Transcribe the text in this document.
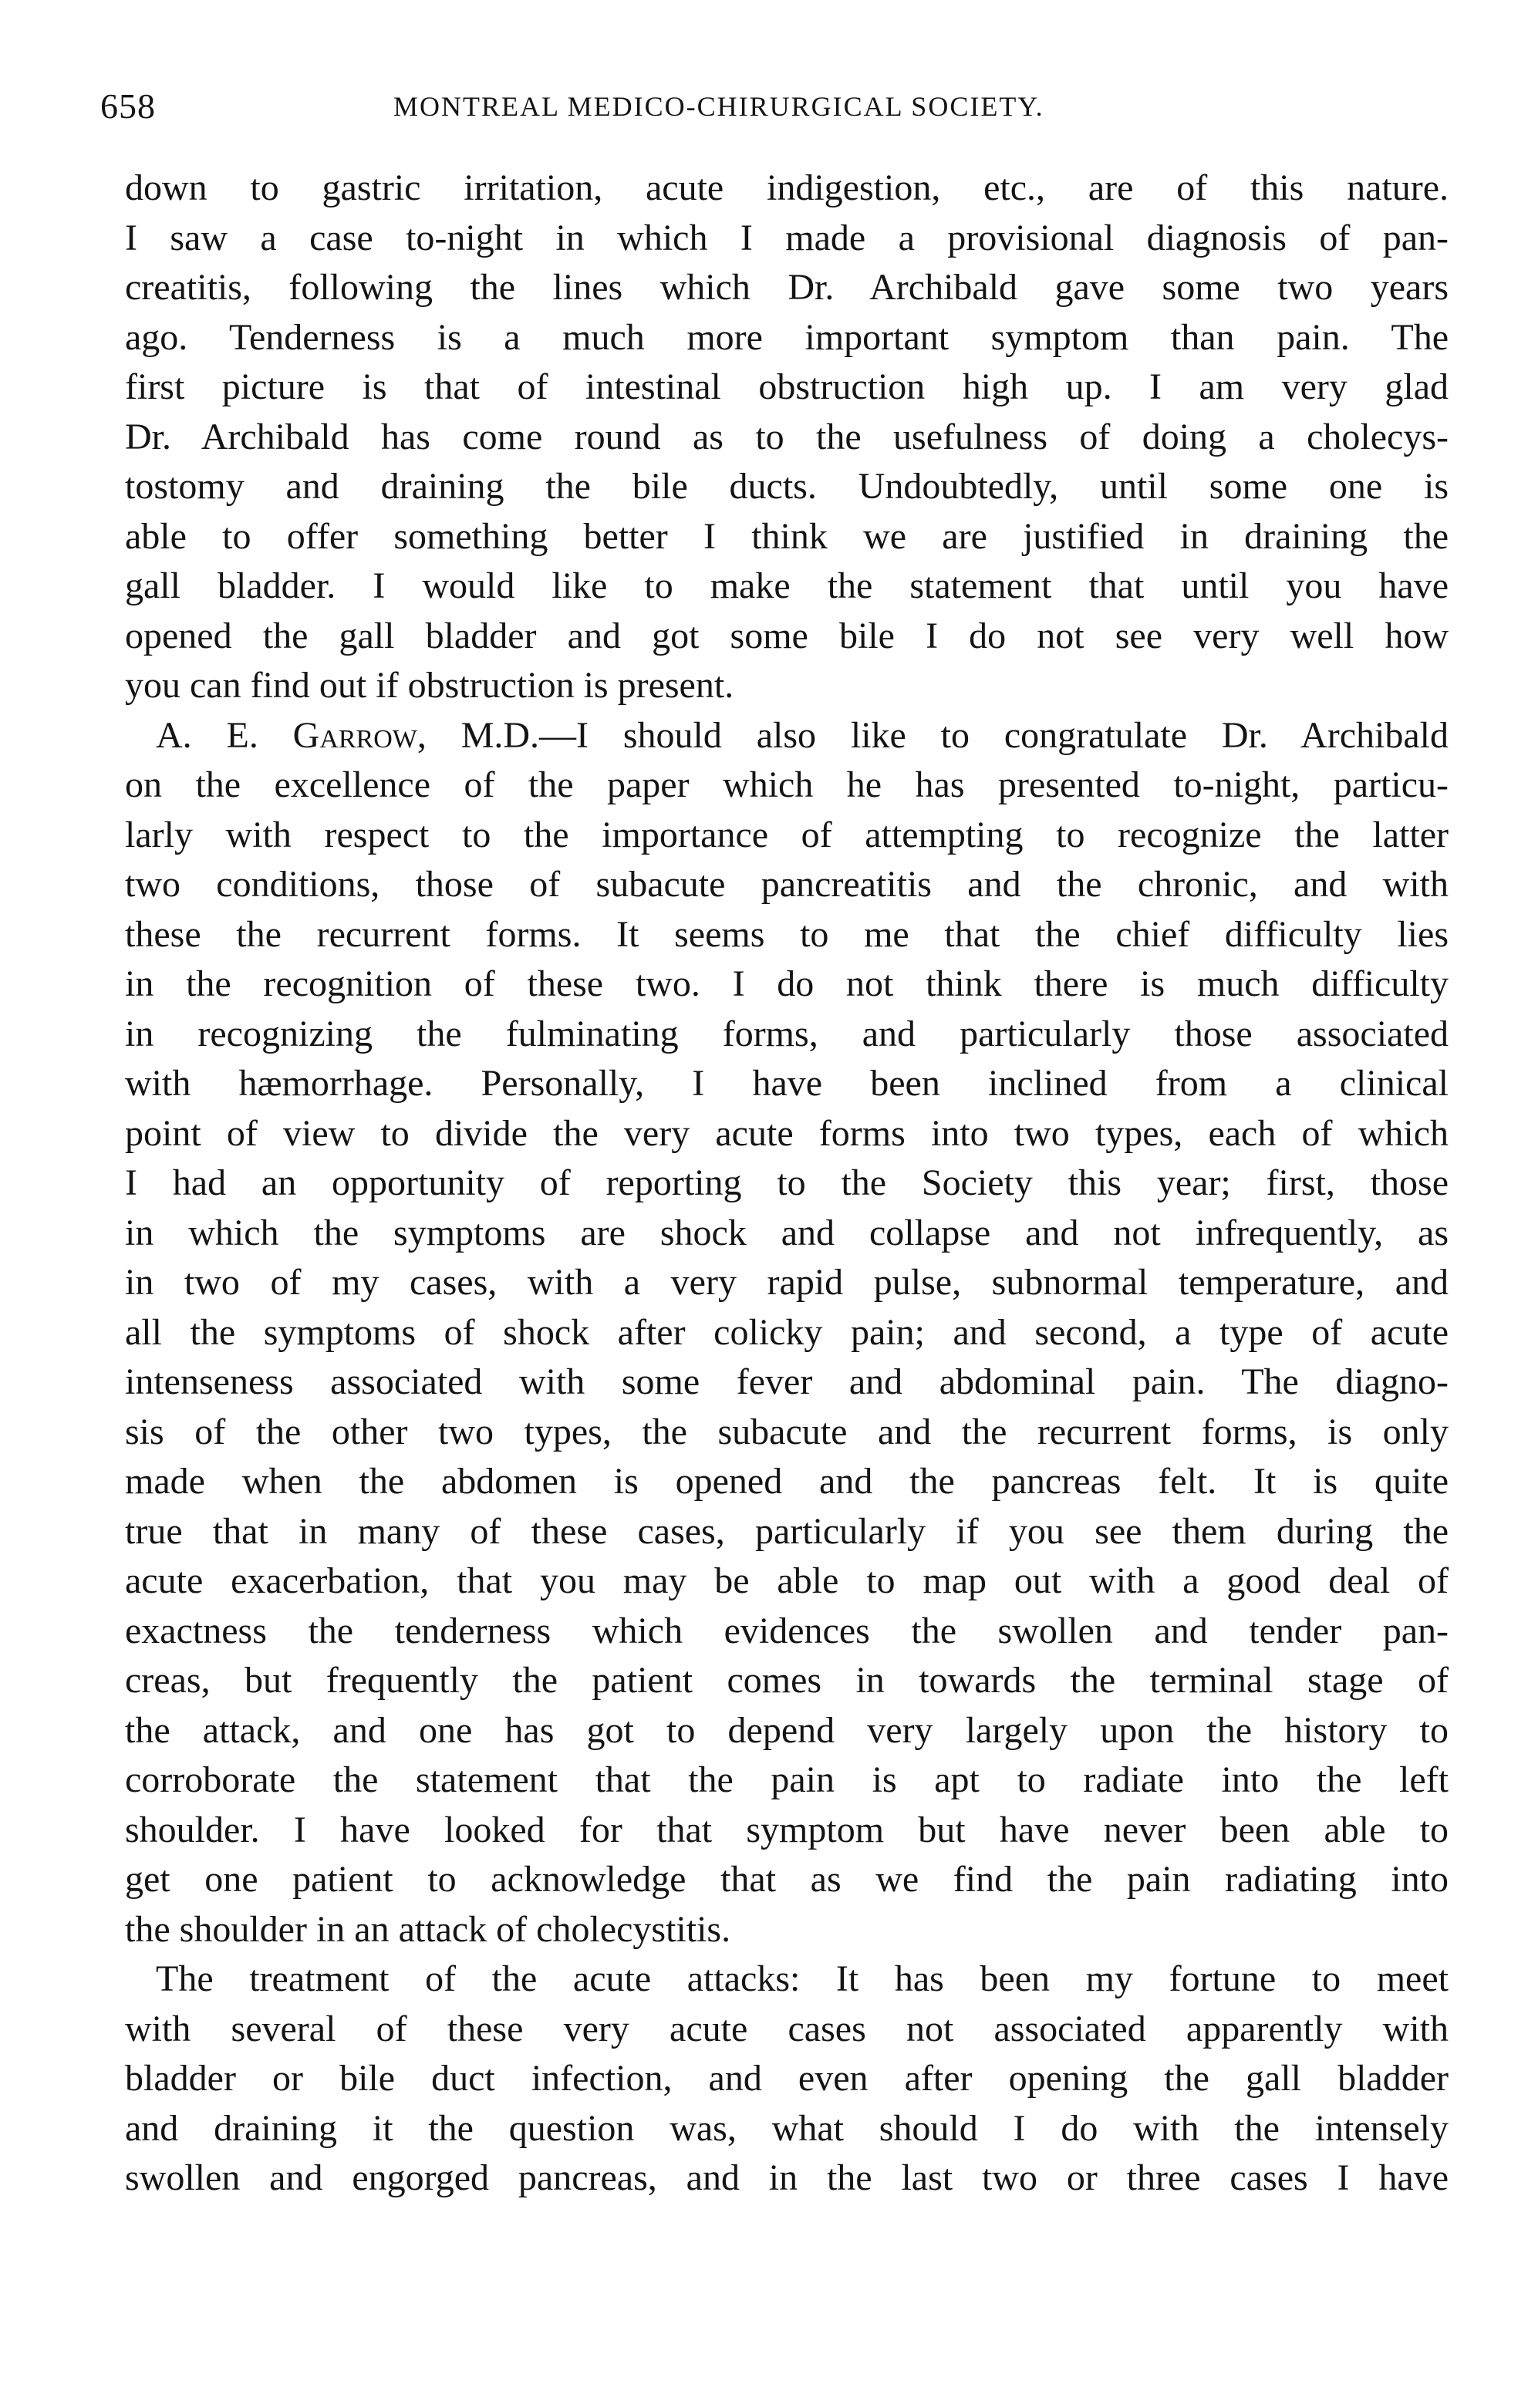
658	MONTREAL MEDICO-CHIRURGICAL SOCIETY.
down to gastric irritation, acute indigestion, etc., are of this nature.
I saw a case to-night in which I made a provisional diagnosis of pan-
creatitis, following the lines which Dr. Archibald gave some two years
ago. Tenderness is a much more important symptom than pain. The
first picture is that of intestinal obstruction high up. I am very glad
Dr. Archibald has come round as to the usefulness of doing a cholecys-
tostomy and draining the bile ducts. Undoubtedly, until some one is
able to offer something better I think we are justified in draining the
gall bladder. I would like to make the statement that until you have
opened the gall bladder and got some bile I do not see very well how
you can find out if obstruction is present.
A. E. Garrow, M.D.—I should also like to congratulate Dr. Archibald
on the excellence of the paper which he has presented to-night, particu-
larly with respect to the importance of attempting to recognize the latter
two conditions, those of subacute pancreatitis and the chronic, and with
these the recurrent forms. It seems to me that the chief difficulty lies
in the recognition of these two. I do not think there is much difficulty
in recognizing the fulminating forms, and particularly those associated
with hæmorrhage. Personally, I have been inclined from a clinical
point of view to divide the very acute forms into two types, each of which
I had an opportunity of reporting to the Society this year; first, those
in which the symptoms are shock and collapse and not infrequently, as
in two of my cases, with a very rapid pulse, subnormal temperature, and
all the symptoms of shock after colicky pain; and second, a type of acute
intenseness associated with some fever and abdominal pain. The diagno-
sis of the other two types, the subacute and the recurrent forms, is only
made when the abdomen is opened and the pancreas felt. It is quite
true that in many of these cases, particularly if you see them during the
acute exacerbation, that you may be able to map out with a good deal of
exactness the tenderness which evidences the swollen and tender pan-
creas, but frequently the patient comes in towards the terminal stage of
the attack, and one has got to depend very largely upon the history to
corroborate the statement that the pain is apt to radiate into the left
shoulder. I have looked for that symptom but have never been able to
get one patient to acknowledge that as we find the pain radiating into
the shoulder in an attack of cholecystitis.
The treatment of the acute attacks: It has been my fortune to meet
with several of these very acute cases not associated apparently with
bladder or bile duct infection, and even after opening the gall bladder
and draining it the question was, what should I do with the intensely
swollen and engorged pancreas, and in the last two or three cases I have
